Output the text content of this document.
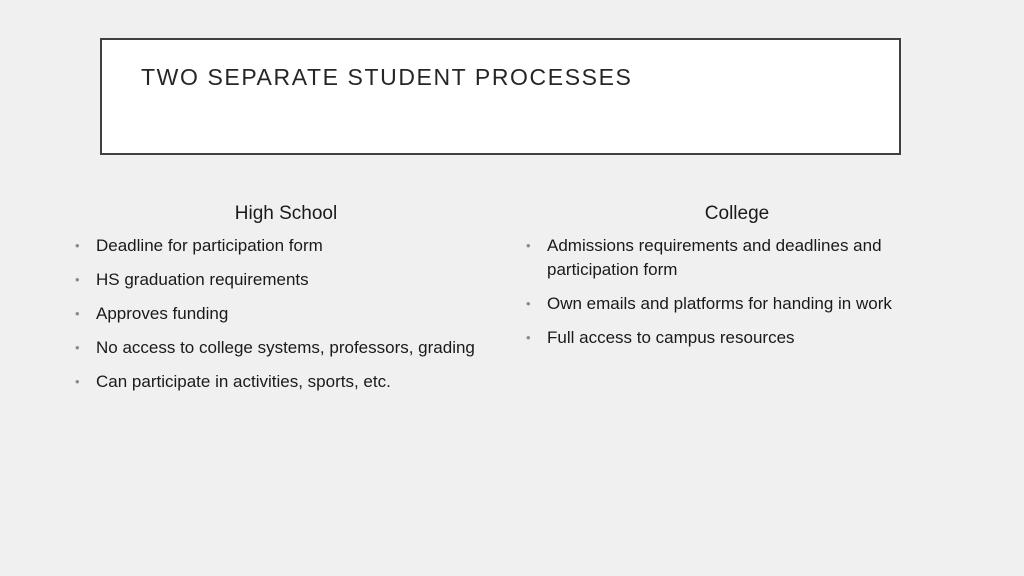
TWO SEPARATE STUDENT PROCESSES
High School
• Deadline for participation form
• HS graduation requirements
• Approves funding
• No access to college systems, professors, grading
• Can participate in activities, sports, etc.
College
• Admissions requirements and deadlines and participation form
• Own emails and platforms for handing in work
• Full access to campus resources
